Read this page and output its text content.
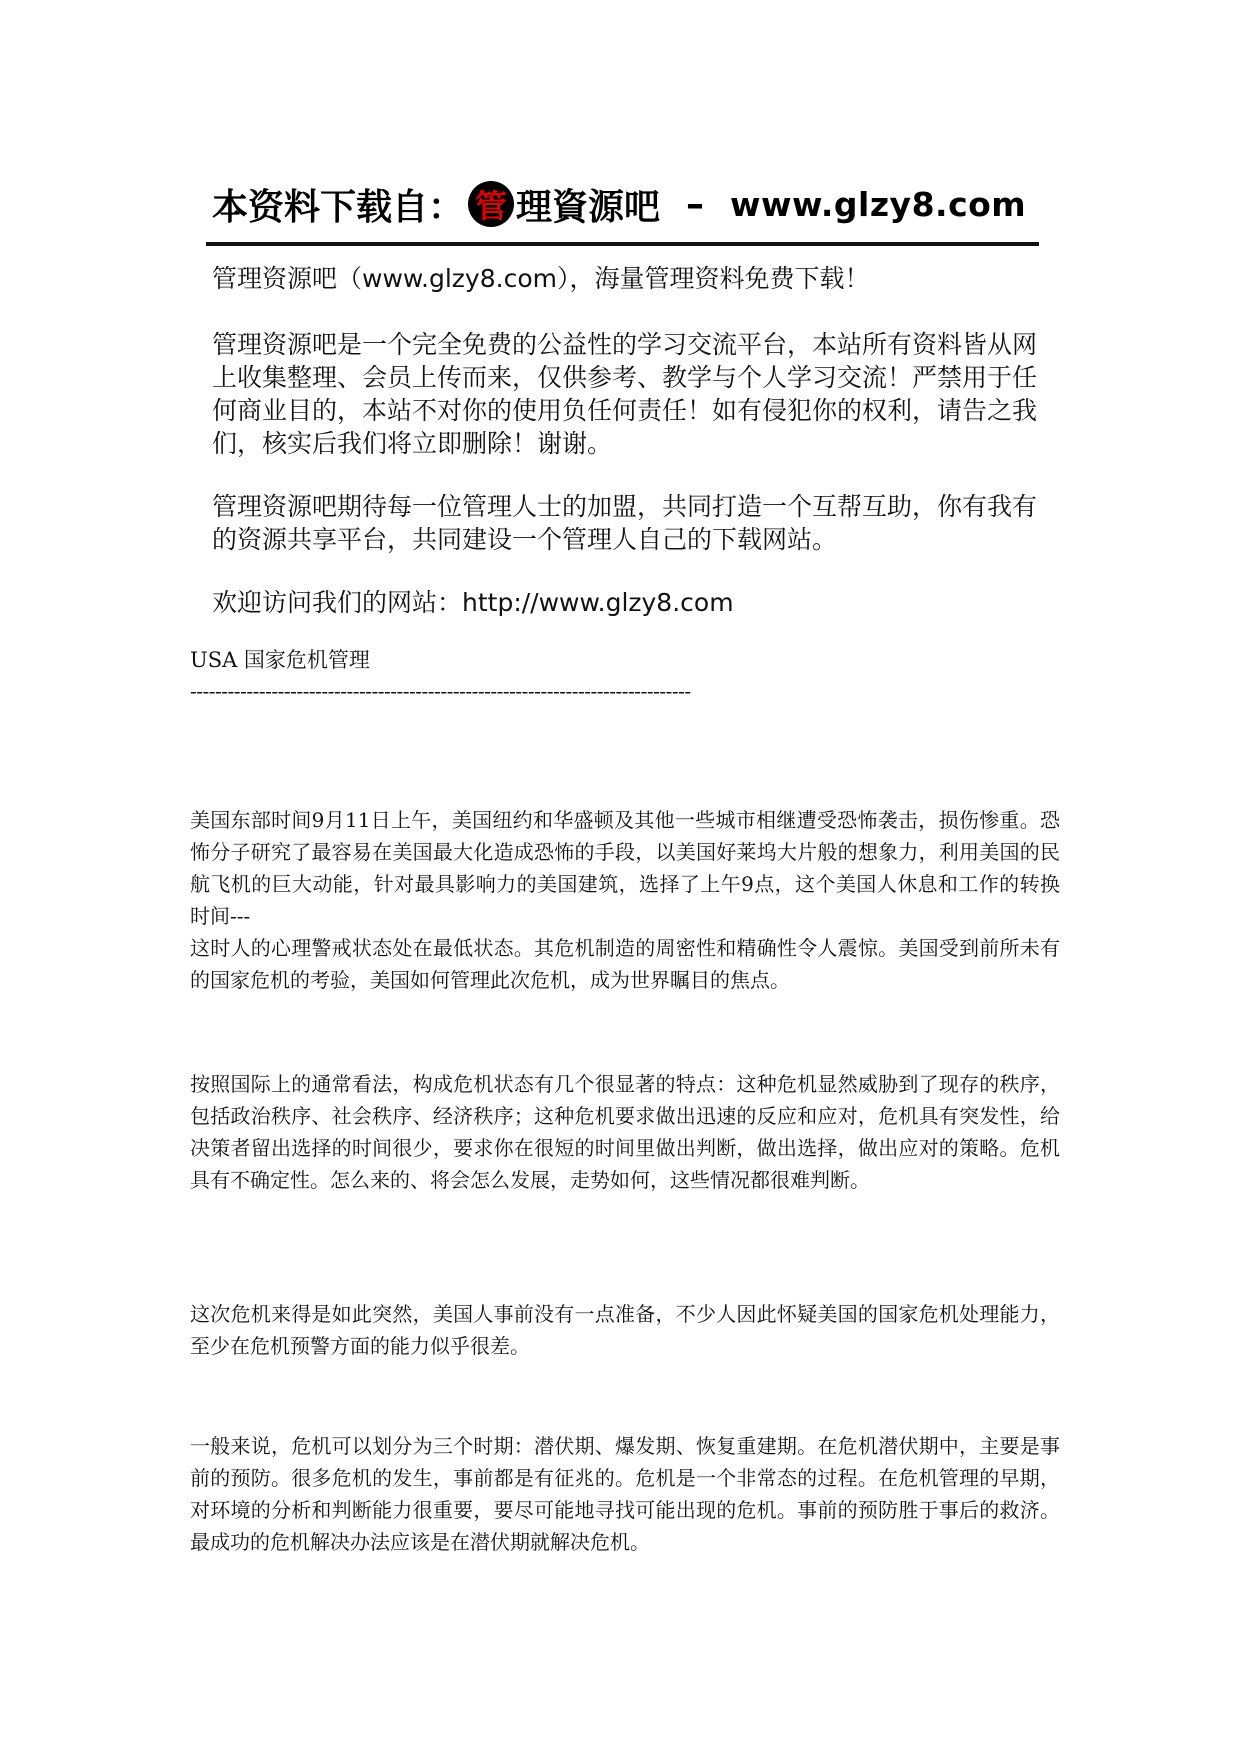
本资料下载自： 管 理資源吧 – www.glzy8.com
管理资源吧（www.glzy8.com），海量管理资料免费下载！
管理资源吧是一个完全免费的公益性的学习交流平台，本站所有资料皆从网上收集整理、会员上传而来，仅供参考、教学与个人学习交流！严禁用于任何商业目的，本站不对你的使用负任何责任！如有侵犯你的权利，请告之我们，核实后我们将立即删除！谢谢。
管理资源吧期待每一位管理人士的加盟，共同打造一个互帮互助，你有我有的资源共享平台，共同建设一个管理人自己的下载网站。
欢迎访问我们的网站：http://www.glzy8.com
USA 国家危机管理
--------------------------------------------------------------------------------
美国东部时间9月11日上午，美国纽约和华盛顿及其他一些城市相继遭受恐怖袭击，损伤惨重。恐怖分子研究了最容易在美国最大化造成恐怖的手段，以美国好莱坞大片般的想象力，利用美国的民航飞机的巨大动能，针对最具影响力的美国建筑，选择了上午9点，这个美国人休息和工作的转换时间---
这时人的心理警戒状态处在最低状态。其危机制造的周密性和精确性令人震惊。美国受到前所未有的国家危机的考验，美国如何管理此次危机，成为世界瞩目的焦点。
按照国际上的通常看法，构成危机状态有几个很显著的特点：这种危机显然威胁到了现存的秩序，包括政治秩序、社会秩序、经济秩序；这种危机要求做出迅速的反应和应对，危机具有突发性，给决策者留出选择的时间很少，要求你在很短的时间里做出判断，做出选择，做出应对的策略。危机具有不确定性。怎么来的、将会怎么发展，走势如何，这些情况都很难判断。
这次危机来得是如此突然，美国人事前没有一点准备，不少人因此怀疑美国的国家危机处理能力， 至少在危机预警方面的能力似乎很差。
一般来说，危机可以划分为三个时期：潜伏期、爆发期、恢复重建期。在危机潜伏期中，主要是事前的预防。很多危机的发生，事前都是有征兆的。危机是一个非常态的过程。在危机管理的早期，对环境的分析和判断能力很重要，要尽可能地寻找可能出现的危机。事前的预防胜于事后的救济。最成功的危机解决办法应该是在潜伏期就解决危机。
